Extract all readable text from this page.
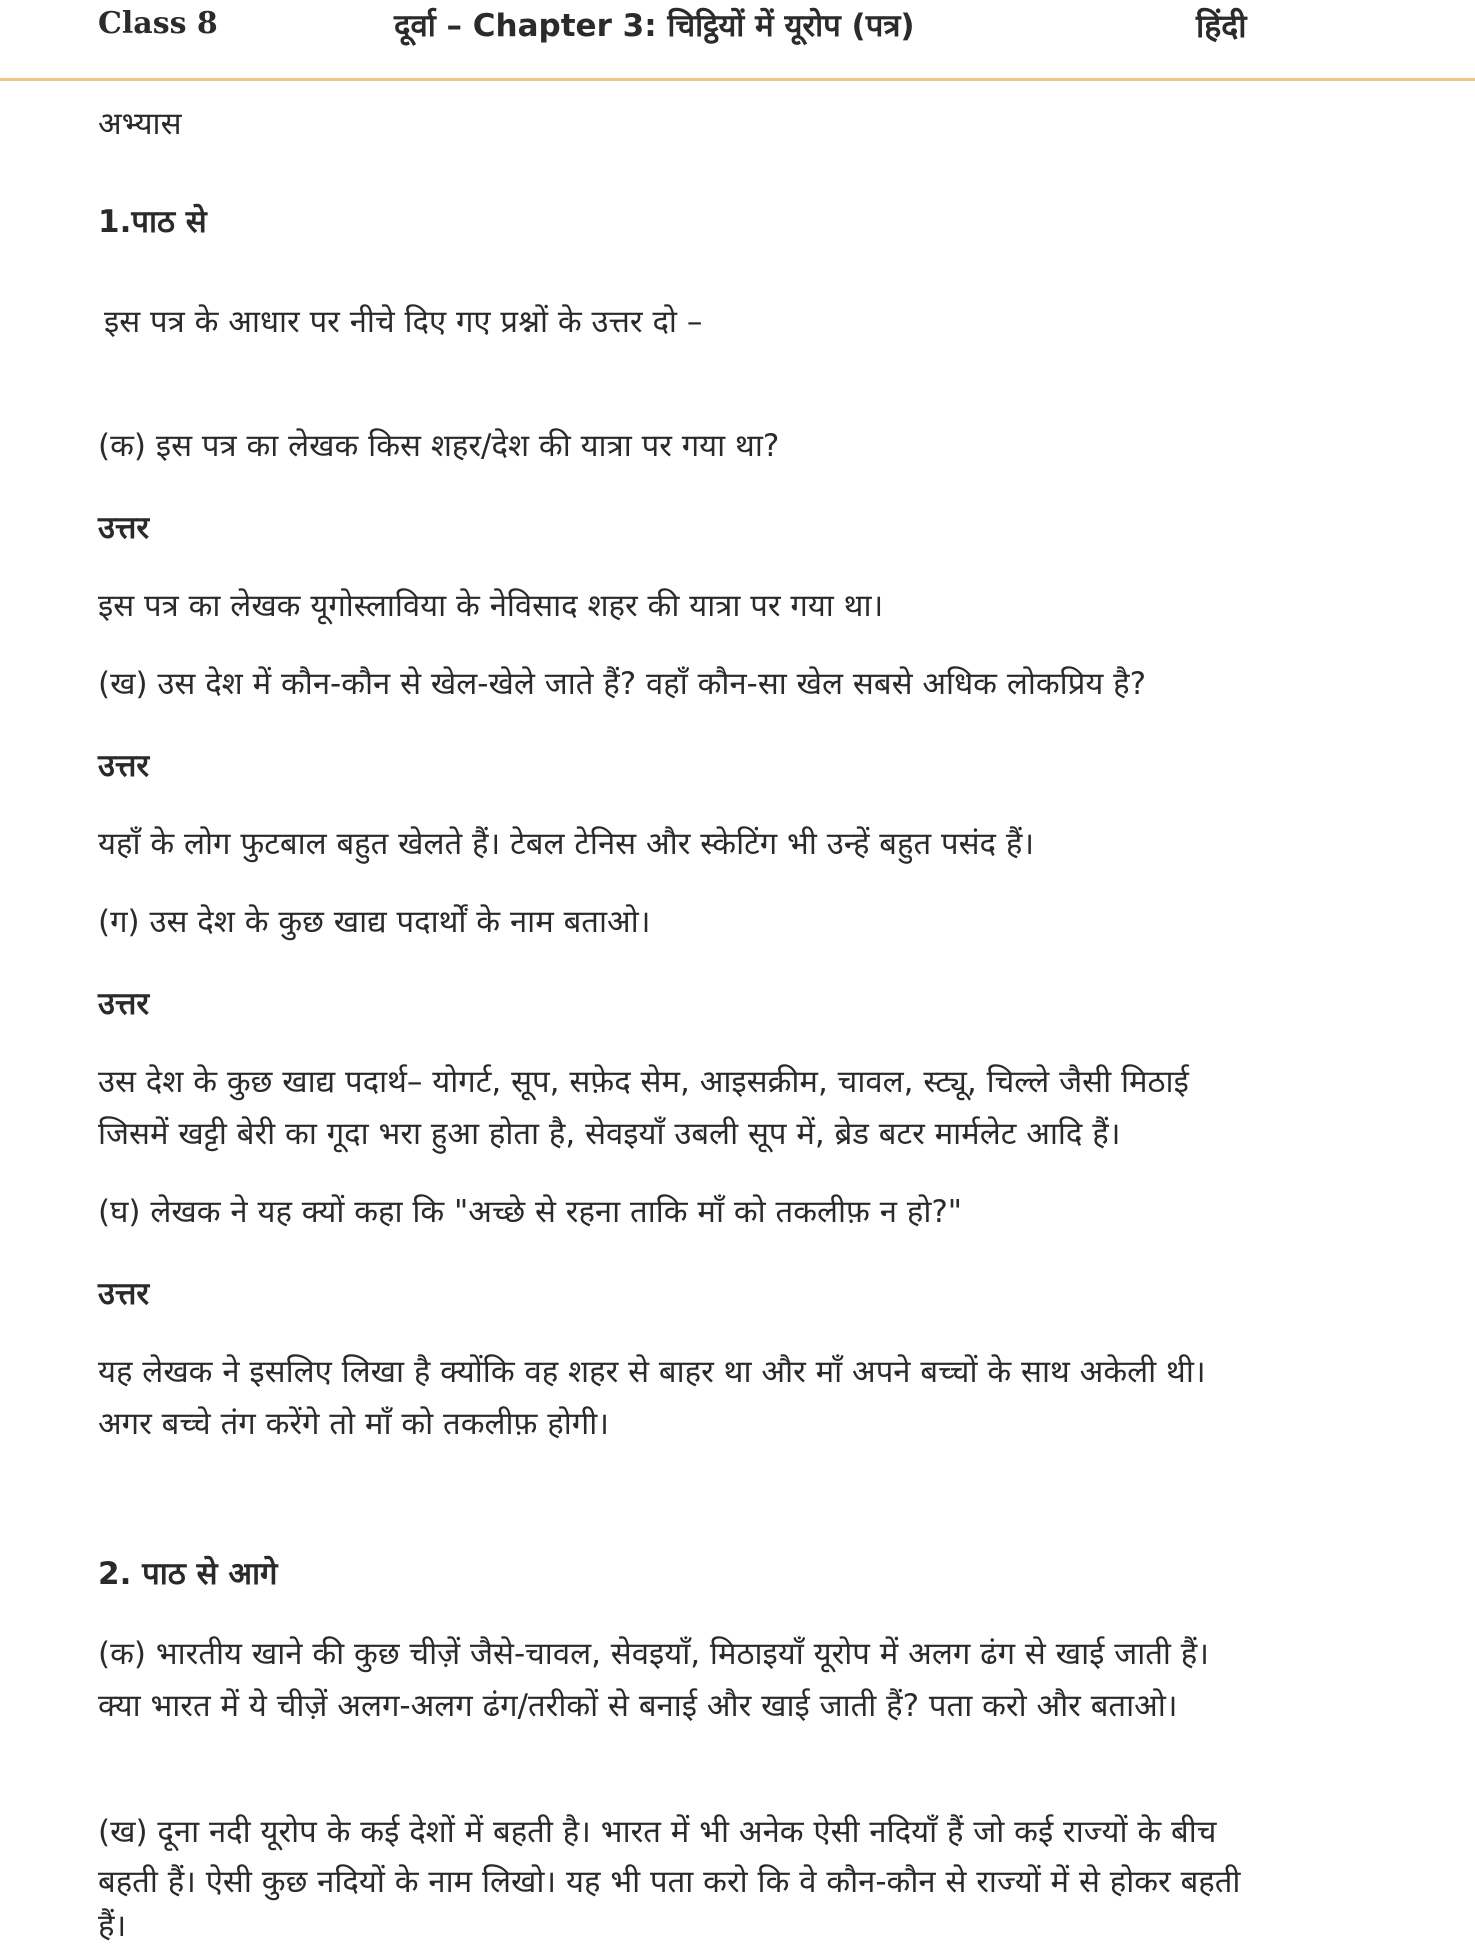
Class 8	दूर्वा – Chapter 3: चिट्ठियों में यूरोप (पत्र)	हिंदी
अभ्यास
1.पाठ से
इस पत्र के आधार पर नीचे दिए गए प्रश्नों के उत्तर दो –
(क) इस पत्र का लेखक किस शहर/देश की यात्रा पर गया था?
उत्तर
इस पत्र का लेखक यूगोस्लाविया के नेविसाद शहर की यात्रा पर गया था।
(ख) उस देश में कौन-कौन से खेल-खेले जाते हैं? वहाँ कौन-सा खेल सबसे अधिक लोकप्रिय है?
उत्तर
यहाँ के लोग फुटबाल बहुत खेलते हैं। टेबल टेनिस और स्केटिंग भी उन्हें बहुत पसंद हैं।
(ग) उस देश के कुछ खाद्य पदार्थों के नाम बताओ।
उत्तर
उस देश के कुछ खाद्य पदार्थ– योगर्ट, सूप, सफ़ेद सेम, आइसक्रीम, चावल, स्ट्यू, चिल्ले जैसी मिठाई
जिसमें खट्टी बेरी का गूदा भरा हुआ होता है, सेवइयाँ उबली सूप में, ब्रेड बटर मार्मलेट आदि हैं।
(घ) लेखक ने यह क्यों कहा कि "अच्छे से रहना ताकि माँ को तकलीफ़ न हो?"
उत्तर
यह लेखक ने इसलिए लिखा है क्योंकि वह शहर से बाहर था और माँ अपने बच्चों के साथ अकेली थी।
अगर बच्चे तंग करेंगे तो माँ को तकलीफ़ होगी।
2. पाठ से आगे
(क) भारतीय खाने की कुछ चीज़ें जैसे-चावल, सेवइयाँ, मिठाइयाँ यूरोप में अलग ढंग से खाई जाती हैं।
क्या भारत में ये चीज़ें अलग-अलग ढंग/तरीकों से बनाई और खाई जाती हैं? पता करो और बताओ।
(ख) दूना नदी यूरोप के कई देशों में बहती है। भारत में भी अनेक ऐसी नदियाँ हैं जो कई राज्यों के बीच
बहती हैं। ऐसी कुछ नदियों के नाम लिखो। यह भी पता करो कि वे कौन-कौन से राज्यों में से होकर बहती
हैं।
